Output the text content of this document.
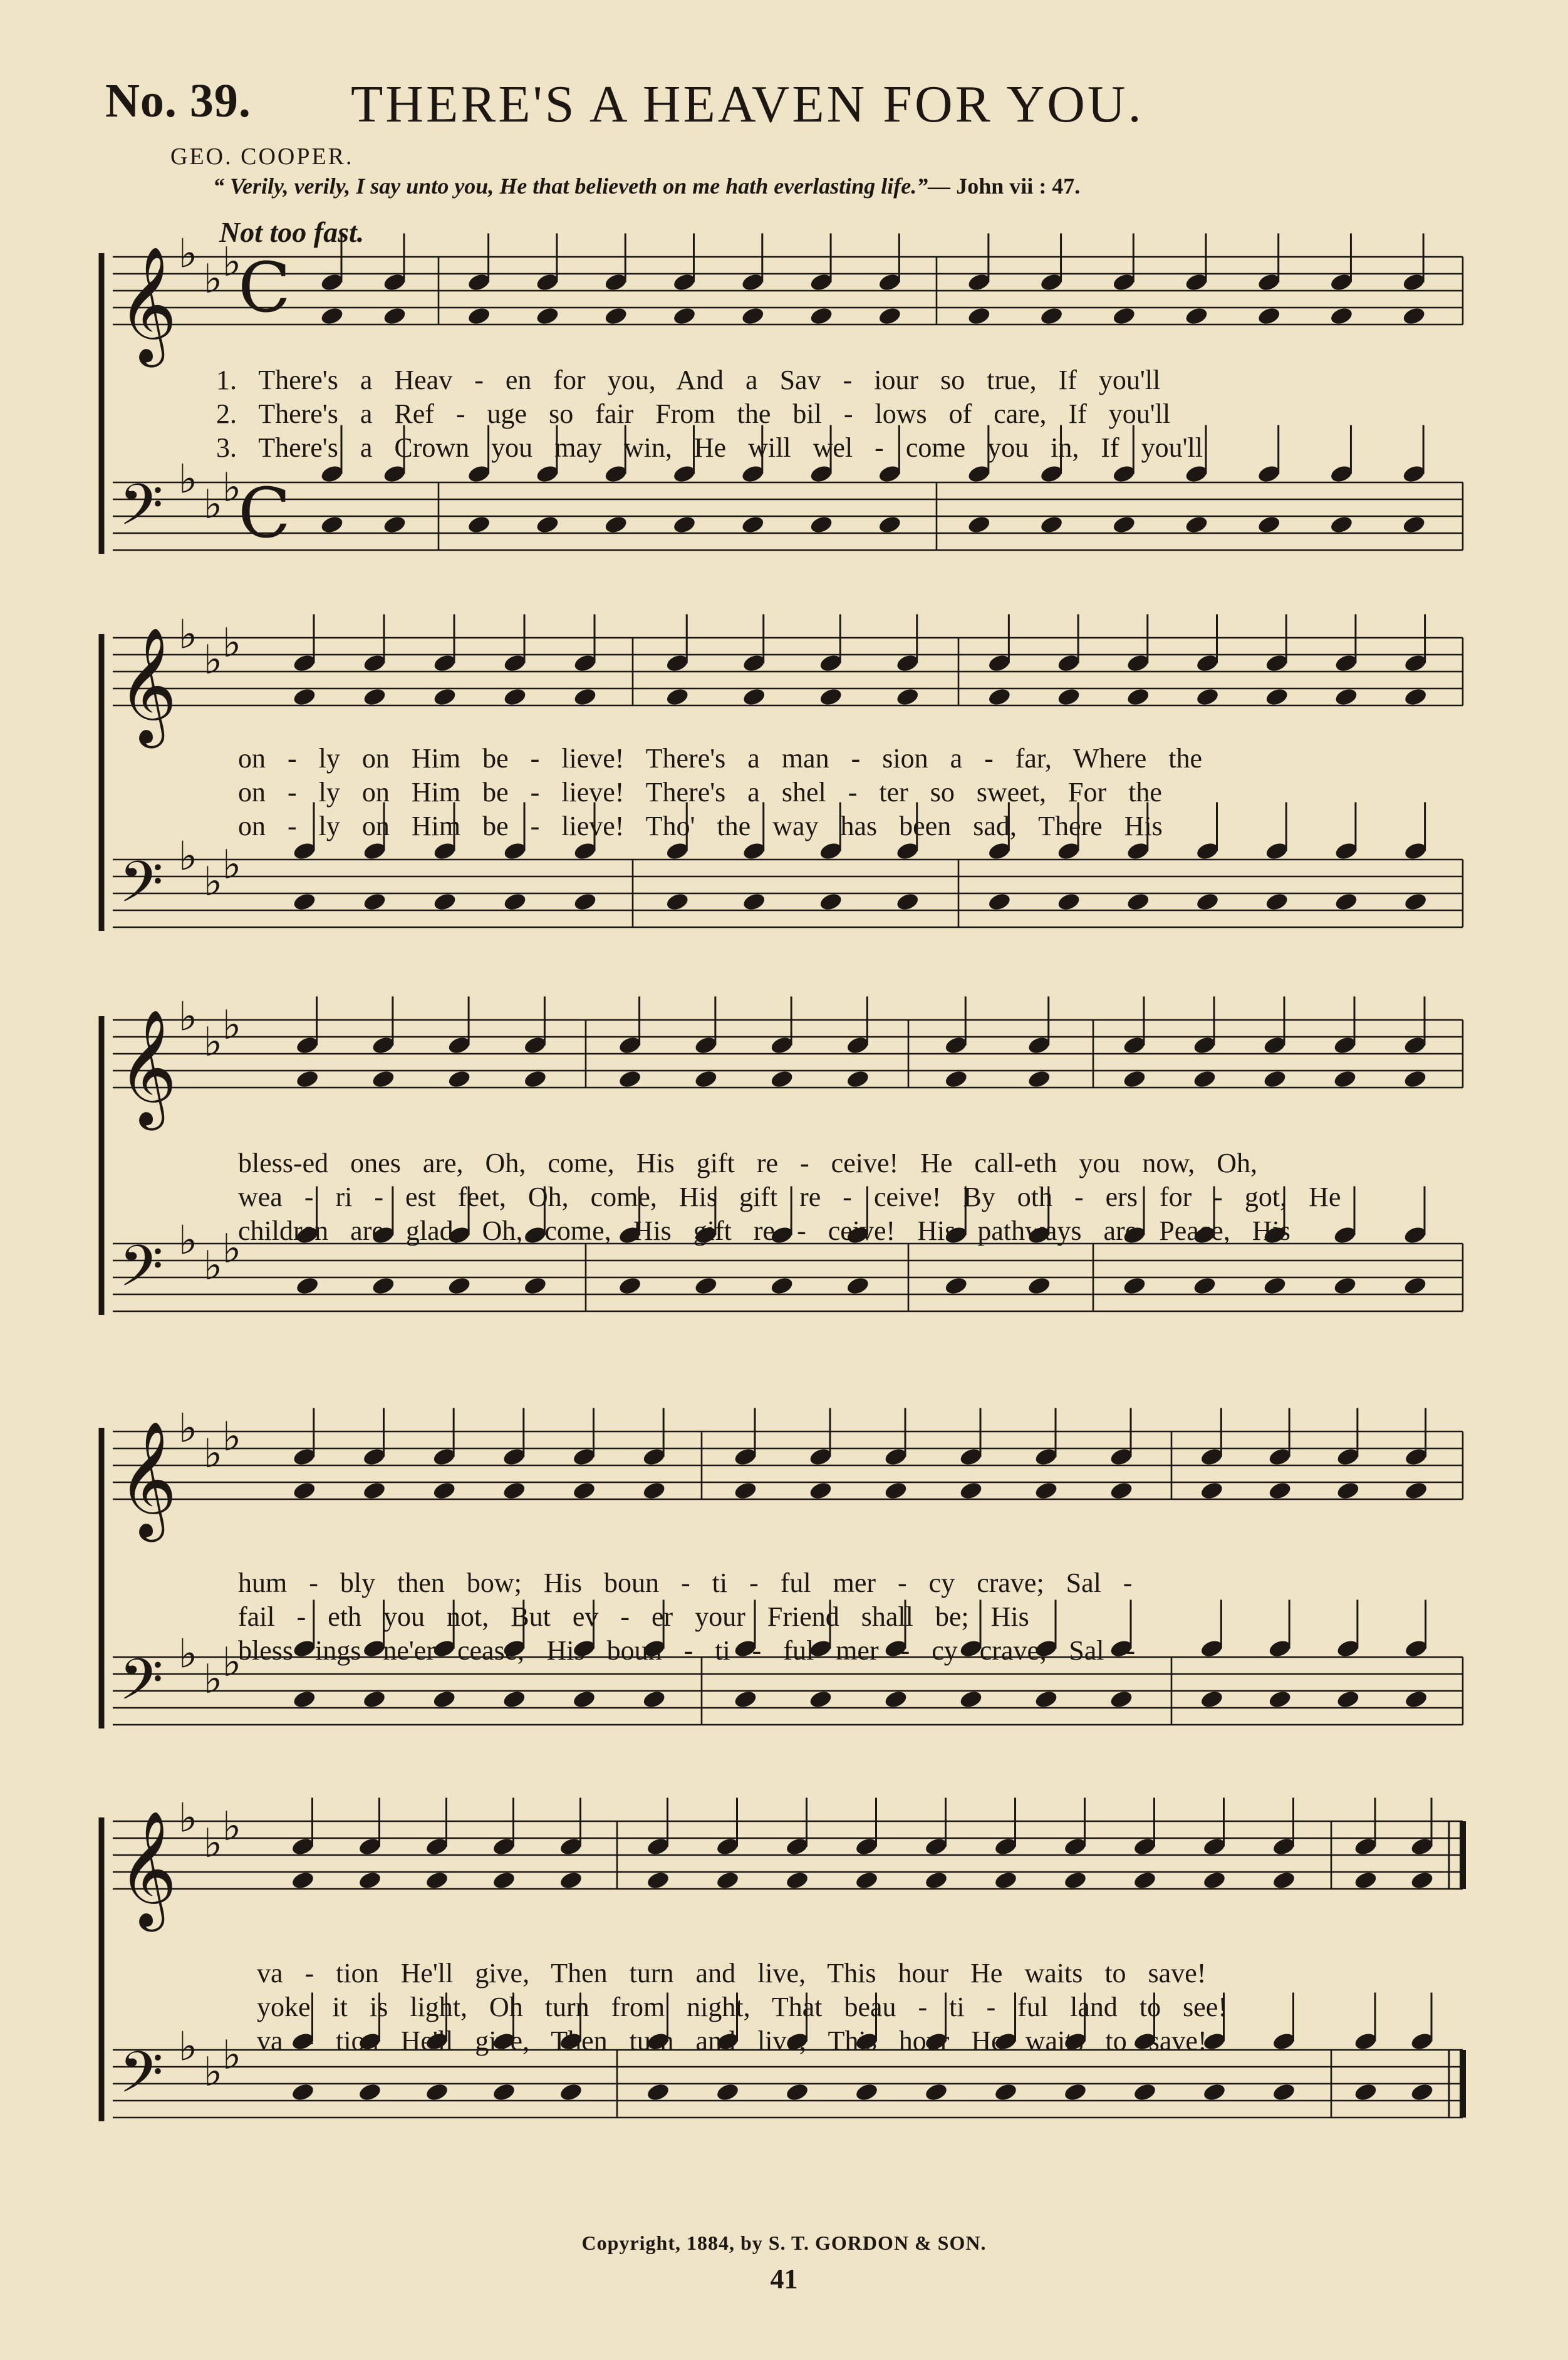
No. 39. THERE'S A HEAVEN FOR YOU.
GEO. COOPER.
“ Verily, verily, I say unto you, He that believeth on me hath everlasting life.”— John vii : 47.
Not too fast.
𝄞
𝄢
♭
♭
♭
♭
♭
♭
C
C
𝄞
𝄢
♭
♭
♭
♭
♭
♭
𝄞
𝄢
♭
♭
♭
♭
♭
♭
𝄞
𝄢
♭
♭
♭
♭
♭
♭
𝄞
𝄢
♭
♭
♭
♭
♭
♭
1. There's a Heav - en for you, And a Sav - iour so true, If you'll
2. There's a Ref - uge so fair From the bil - lows of care, If you'll
3. There's a Crown you may win, He will wel - come you in, If you'll
on - ly on Him be - lieve! There's a man - sion a - far, Where the
on - ly on Him be - lieve! There's a shel - ter so sweet, For the
on - ly on Him be - lieve! Tho' the way has been sad, There His
bless-ed ones are, Oh, come, His gift re - ceive! He call-eth you now, Oh,
wea - ri - est feet, Oh, come, His gift re - ceive! By oth - ers for - got, He
children are glad, Oh, come, His gift re - ceive! His pathways are Peace, His
hum - bly then bow; His boun - ti - ful mer - cy crave; Sal -
fail - eth you not, But ev - er your Friend shall be; His
bless ings ne'er cease; His boun - ti - ful mer - cy crave; Sal -
va - tion He'll give, Then turn and live, This hour He waits to save!
yoke it is light, Oh turn from night, That beau - ti - ful land to see!
va - tion He'll give, Then turn and live; This hour He waits to save!
Copyright, 1884, by S. T. GORDON & SON.
41
